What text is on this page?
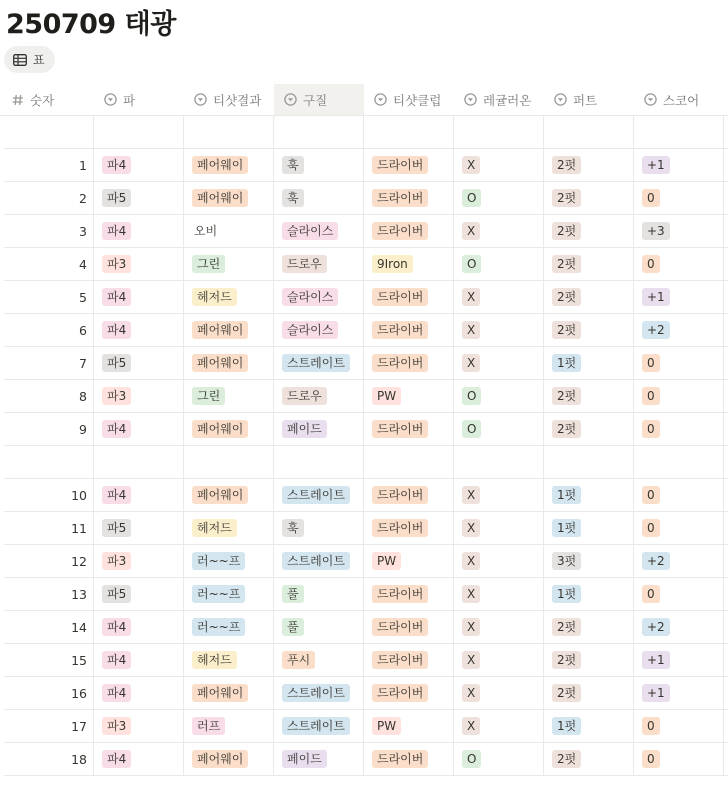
250709 태광
표
숫자	파	티샷결과	구질	티샷클럽	레귤러온	퍼트	스코어
1	파4	페어웨이	훅	드라이버	X	2펏	+1
2	파5	페어웨이	훅	드라이버	O	2펏	0
3	파4	오비	슬라이스	드라이버	X	2펏	+3
4	파3	그린	드로우	9Iron	O	2펏	0
5	파4	헤저드	슬라이스	드라이버	X	2펏	+1
6	파4	페어웨이	슬라이스	드라이버	X	2펏	+2
7	파5	페어웨이	스트레이트	드라이버	X	1펏	0
8	파3	그린	드로우	PW	O	2펏	0
9	파4	페어웨이	페이드	드라이버	O	2펏	0
10	파4	페어웨이	스트레이트	드라이버	X	1펏	0
11	파5	헤저드	훅	드라이버	X	1펏	0
12	파3	러~~프	스트레이트	PW	X	3펏	+2
13	파5	러~~프	풀	드라이버	X	1펏	0
14	파4	러~~프	풀	드라이버	X	2펏	+2
15	파4	헤저드	푸시	드라이버	X	2펏	+1
16	파4	페어웨이	스트레이트	드라이버	X	2펏	+1
17	파3	러프	스트레이트	PW	X	1펏	0
18	파4	페어웨이	페이드	드라이버	O	2펏	0
